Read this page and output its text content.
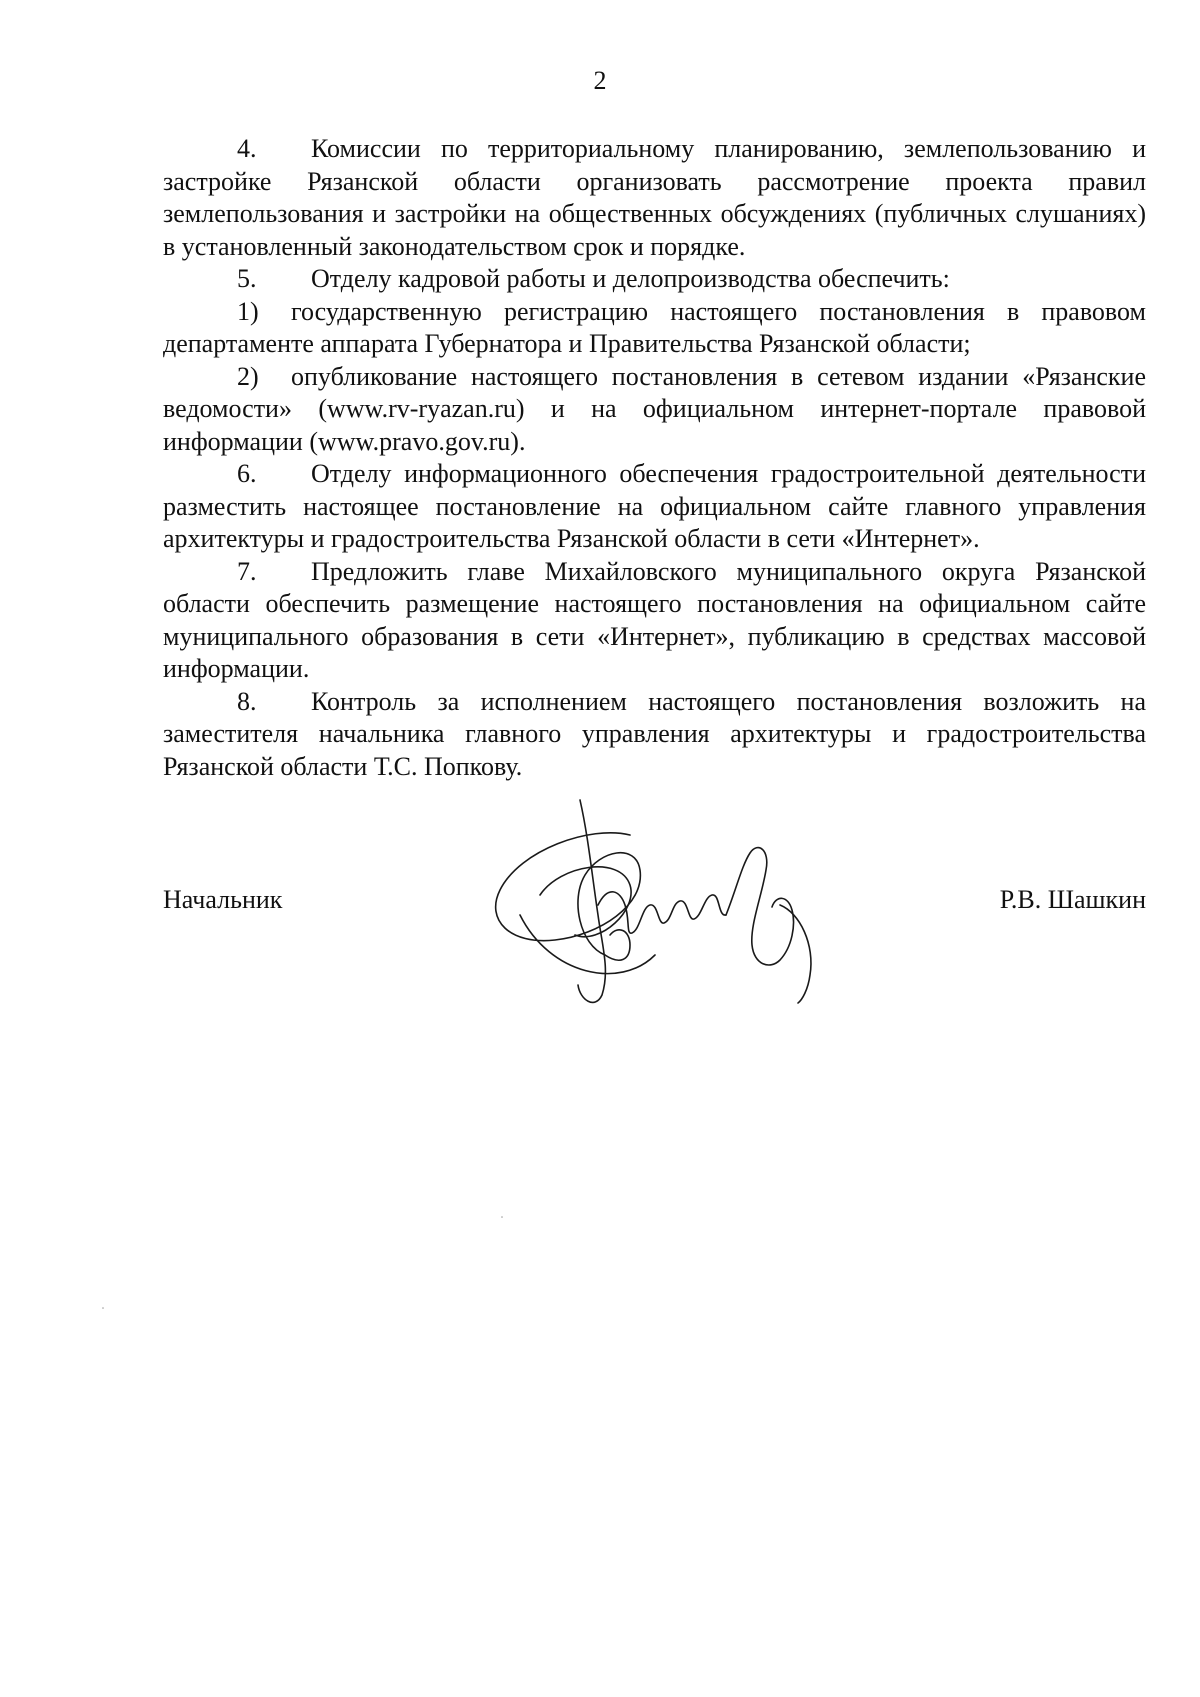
2

4. Комиссии по территориальному планированию, землепользованию и застройке Рязанской области организовать рассмотрение проекта правил землепользования и застройки на общественных обсуждениях (публичных слушаниях) в установленный законодательством срок и порядке.

5. Отделу кадровой работы и делопроизводства обеспечить:

1) государственную регистрацию настоящего постановления в правовом департаменте аппарата Губернатора и Правительства Рязанской области;

2) опубликование настоящего постановления в сетевом издании «Рязанские ведомости» (www.rv-ryazan.ru) и на официальном интернет-портале правовой информации (www.pravo.gov.ru).

6. Отделу информационного обеспечения градостроительной деятельности разместить настоящее постановление на официальном сайте главного управления архитектуры и градостроительства Рязанской области в сети «Интернет».

7. Предложить главе Михайловского муниципального округа Рязанской области обеспечить размещение настоящего постановления на официальном сайте муниципального образования в сети «Интернет», публикацию в средствах массовой информации.

8. Контроль за исполнением настоящего постановления возложить на заместителя начальника главного управления архитектуры и градостроительства Рязанской области Т.С. Попкову.

Начальник	Р.В. Шашкин
